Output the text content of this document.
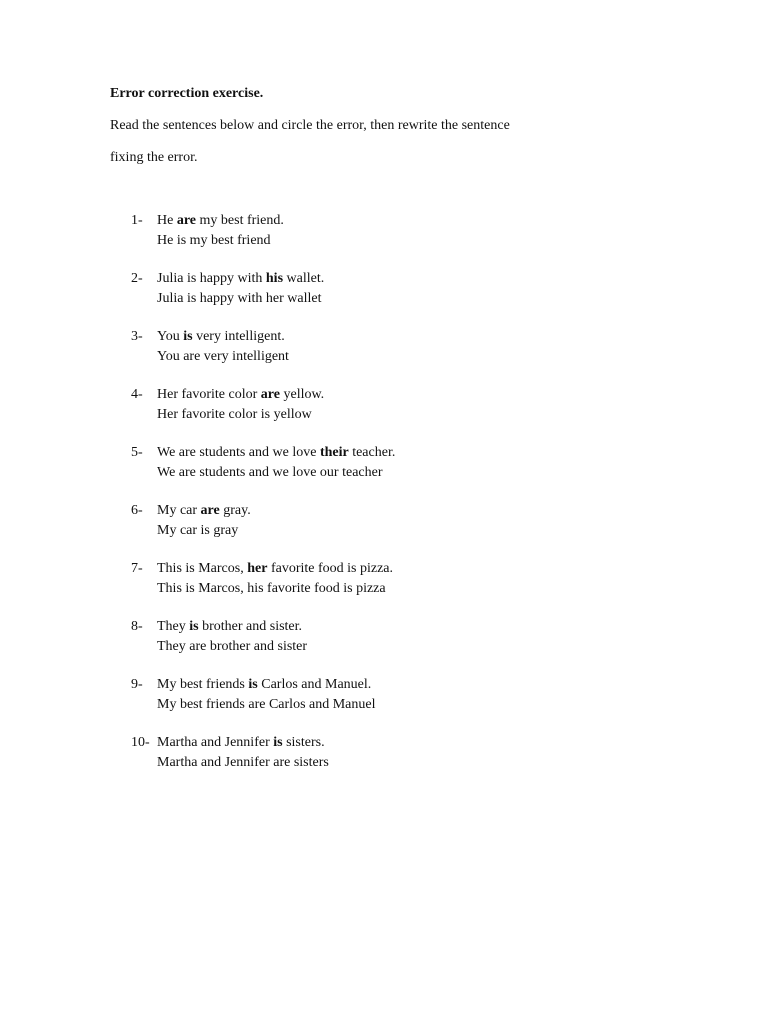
Error correction exercise.
Read the sentences below and circle the error, then rewrite the sentence
fixing the error.
1- He are my best friend.
He is my best friend
2- Julia is happy with his wallet.
Julia is happy with her wallet
3- You is very intelligent.
You are very intelligent
4- Her favorite color are yellow.
Her favorite color is yellow
5- We are students and we love their teacher.
We are students and we love our teacher
6- My car are gray.
My car is gray
7- This is Marcos, her favorite food is pizza.
This is Marcos, his favorite food is pizza
8- They is brother and sister.
They are brother and sister
9- My best friends is Carlos and Manuel.
My best friends are Carlos and Manuel
10- Martha and Jennifer is sisters.
Martha and Jennifer are sisters
